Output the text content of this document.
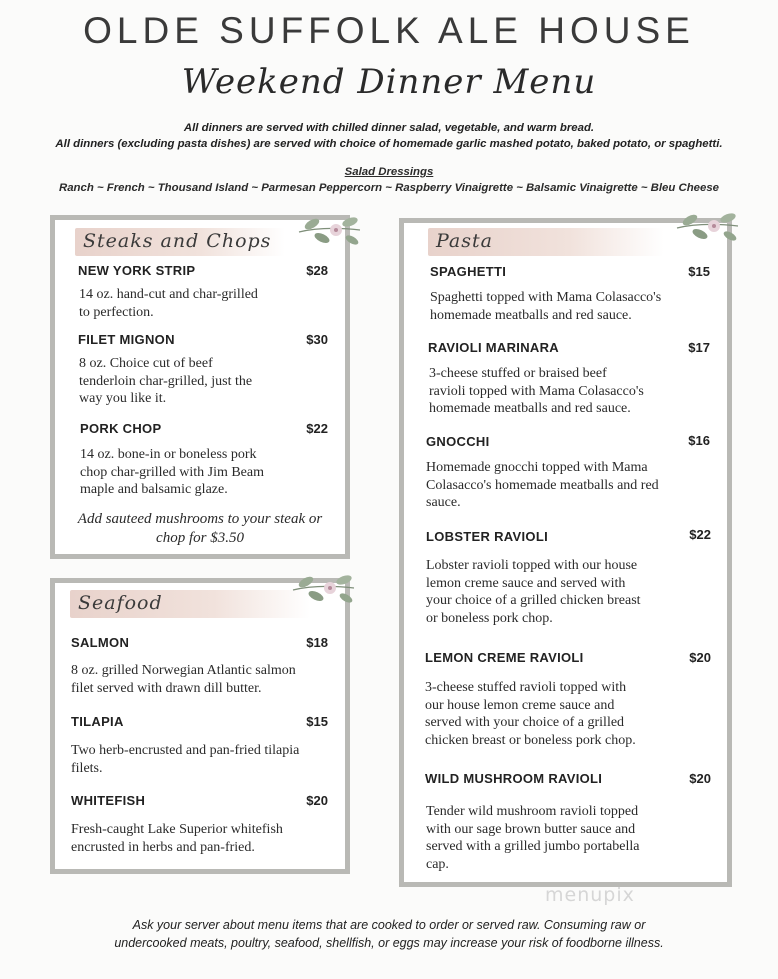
OLDE SUFFOLK ALE HOUSE
Weekend Dinner Menu
All dinners are served with chilled dinner salad, vegetable, and warm bread.
All dinners (excluding pasta dishes) are served with choice of homemade garlic mashed potato, baked potato, or spaghetti.
Salad Dressings
Ranch ~ French ~ Thousand Island ~ Parmesan Peppercorn ~ Raspberry Vinaigrette ~ Balsamic Vinaigrette ~ Bleu Cheese
Steaks and Chops
NEW YORK STRIP	$28
14 oz. hand-cut and char-grilled
to perfection.
FILET MIGNON	$30
8 oz. Choice cut of beef
tenderloin char-grilled, just the
way you like it.
PORK CHOP	$22
14 oz. bone-in or boneless pork
chop char-grilled with Jim Beam
maple and balsamic glaze.
Add sauteed mushrooms to your steak or
chop for $3.50
Seafood
SALMON	$18
8 oz. grilled Norwegian Atlantic salmon
filet served with drawn dill butter.
TILAPIA	$15
Two herb-encrusted and pan-fried tilapia
filets.
WHITEFISH	$20
Fresh-caught Lake Superior whitefish
encrusted in herbs and pan-fried.
Pasta
SPAGHETTI	$15
Spaghetti topped with Mama Colasacco's
homemade meatballs and red sauce.
RAVIOLI MARINARA	$17
3-cheese stuffed or braised beef
ravioli topped with Mama Colasacco's
homemade meatballs and red sauce.
GNOCCHI	$16
Homemade gnocchi topped with Mama
Colasacco's homemade meatballs and red
sauce.
LOBSTER RAVIOLI	$22
Lobster ravioli topped with our house
lemon creme sauce and served with
your choice of a grilled chicken breast
or boneless pork chop.
LEMON CREME RAVIOLI	$20
3-cheese stuffed ravioli topped with
our house lemon creme sauce and
served with your choice of a grilled
chicken breast or boneless pork chop.
WILD MUSHROOM RAVIOLI	$20
Tender wild mushroom ravioli topped
with our sage brown butter sauce and
served with a grilled jumbo portabella
cap.
menupix
Ask your server about menu items that are cooked to order or served raw. Consuming raw or
undercooked meats, poultry, seafood, shellfish, or eggs may increase your risk of foodborne illness.
